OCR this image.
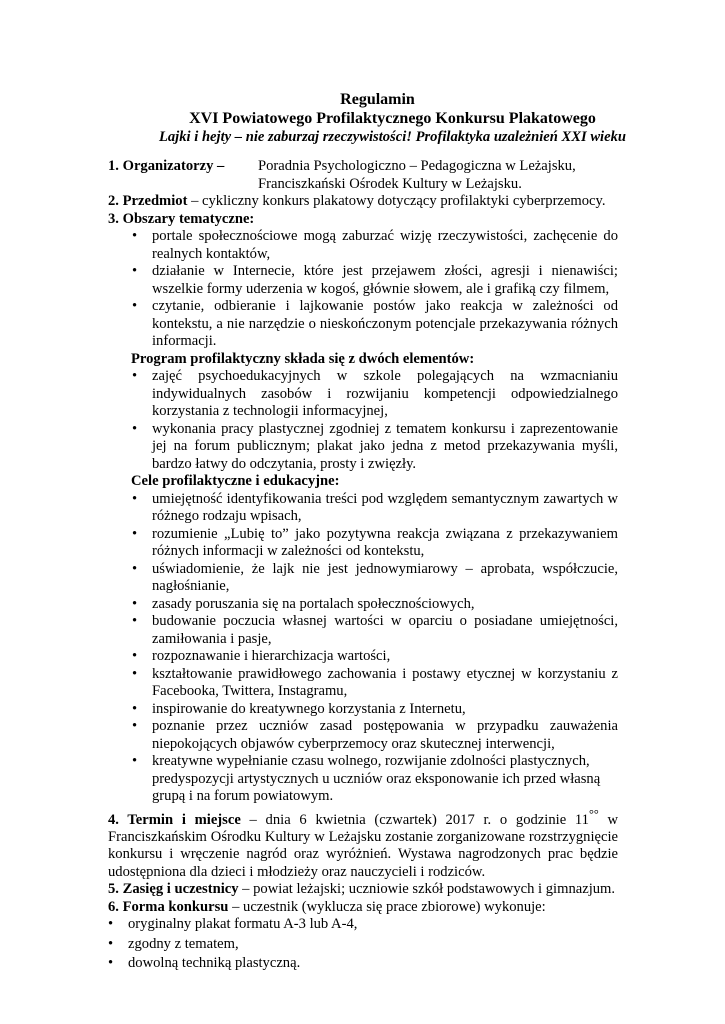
Regulamin
XVI Powiatowego Profilaktycznego Konkursu Plakatowego
Lajki i hejty – nie zaburzaj rzeczywistości! Profilaktyka uzależnień XXI wieku
1. Organizatorzy –	Poradnia Psychologiczno – Pedagogiczna w Leżajsku,
Franciszkański Ośrodek Kultury w Leżajsku.

2. Przedmiot – cykliczny konkurs plakatowy dotyczący profilaktyki cyberprzemocy.

3. Obszary tematyczne:

• portale społecznościowe mogą zaburzać wizję rzeczywistości, zachęcenie do realnych kontaktów,
• działanie w Internecie, które jest przejawem złości, agresji i nienawiści; wszelkie formy uderzenia w kogoś, głównie słowem, ale i grafiką czy filmem,
• czytanie, odbieranie i lajkowanie postów jako reakcja w zależności od kontekstu, a nie narzędzie o nieskończonym potencjale przekazywania różnych informacji.

Program profilaktyczny składa się z dwóch elementów:

• zajęć psychoedukacyjnych w szkole polegających na wzmacnianiu indywidualnych zasobów i rozwijaniu kompetencji odpowiedzialnego korzystania z technologii informacyjnej,
• wykonania pracy plastycznej zgodniej z tematem konkursu i zaprezentowanie jej na forum publicznym; plakat jako jedna z metod przekazywania myśli, bardzo łatwy do odczytania, prosty i zwięzły.

Cele profilaktyczne i edukacyjne:

• umiejętność identyfikowania treści pod względem semantycznym zawartych w różnego rodzaju wpisach,
• rozumienie „Lubię to” jako pozytywna reakcja związana z przekazywaniem różnych informacji w zależności od kontekstu,
• uświadomienie, że lajk nie jest jednowymiarowy – aprobata, współczucie, nagłośnianie,
• zasady poruszania się na portalach społecznościowych,
• budowanie poczucia własnej wartości w oparciu o posiadane umiejętności, zamiłowania i pasje,
• rozpoznawanie i hierarchizacja wartości,
• kształtowanie prawidłowego zachowania i postawy etycznej w korzystaniu z Facebooka, Twittera, Instagramu,
• inspirowanie do kreatywnego korzystania z Internetu,
• poznanie przez uczniów zasad postępowania w przypadku zauważenia niepokojących objawów cyberprzemocy oraz skutecznej interwencji,
• kreatywne wypełnianie czasu wolnego, rozwijanie zdolności plastycznych, predyspozycji artystycznych u uczniów oraz eksponowanie ich przed własną grupą i na forum powiatowym.

4. Termin i miejsce – dnia 6 kwietnia (czwartek) 2017 r. o godzinie 11°° w Franciszkańskim Ośrodku Kultury w Leżajsku zostanie zorganizowane rozstrzygnięcie konkursu i wręczenie nagród oraz wyróżnień. Wystawa nagrodzonych prac będzie udostępniona dla dzieci i młodzieży oraz nauczycieli i rodziców.

5. Zasięg i uczestnicy – powiat leżajski; uczniowie szkół podstawowych i gimnazjum.

6. Forma konkursu – uczestnik (wyklucza się prace zbiorowe) wykonuje:

• oryginalny plakat formatu A-3 lub A-4,
• zgodny z tematem,
• dowolną techniką plastyczną.
